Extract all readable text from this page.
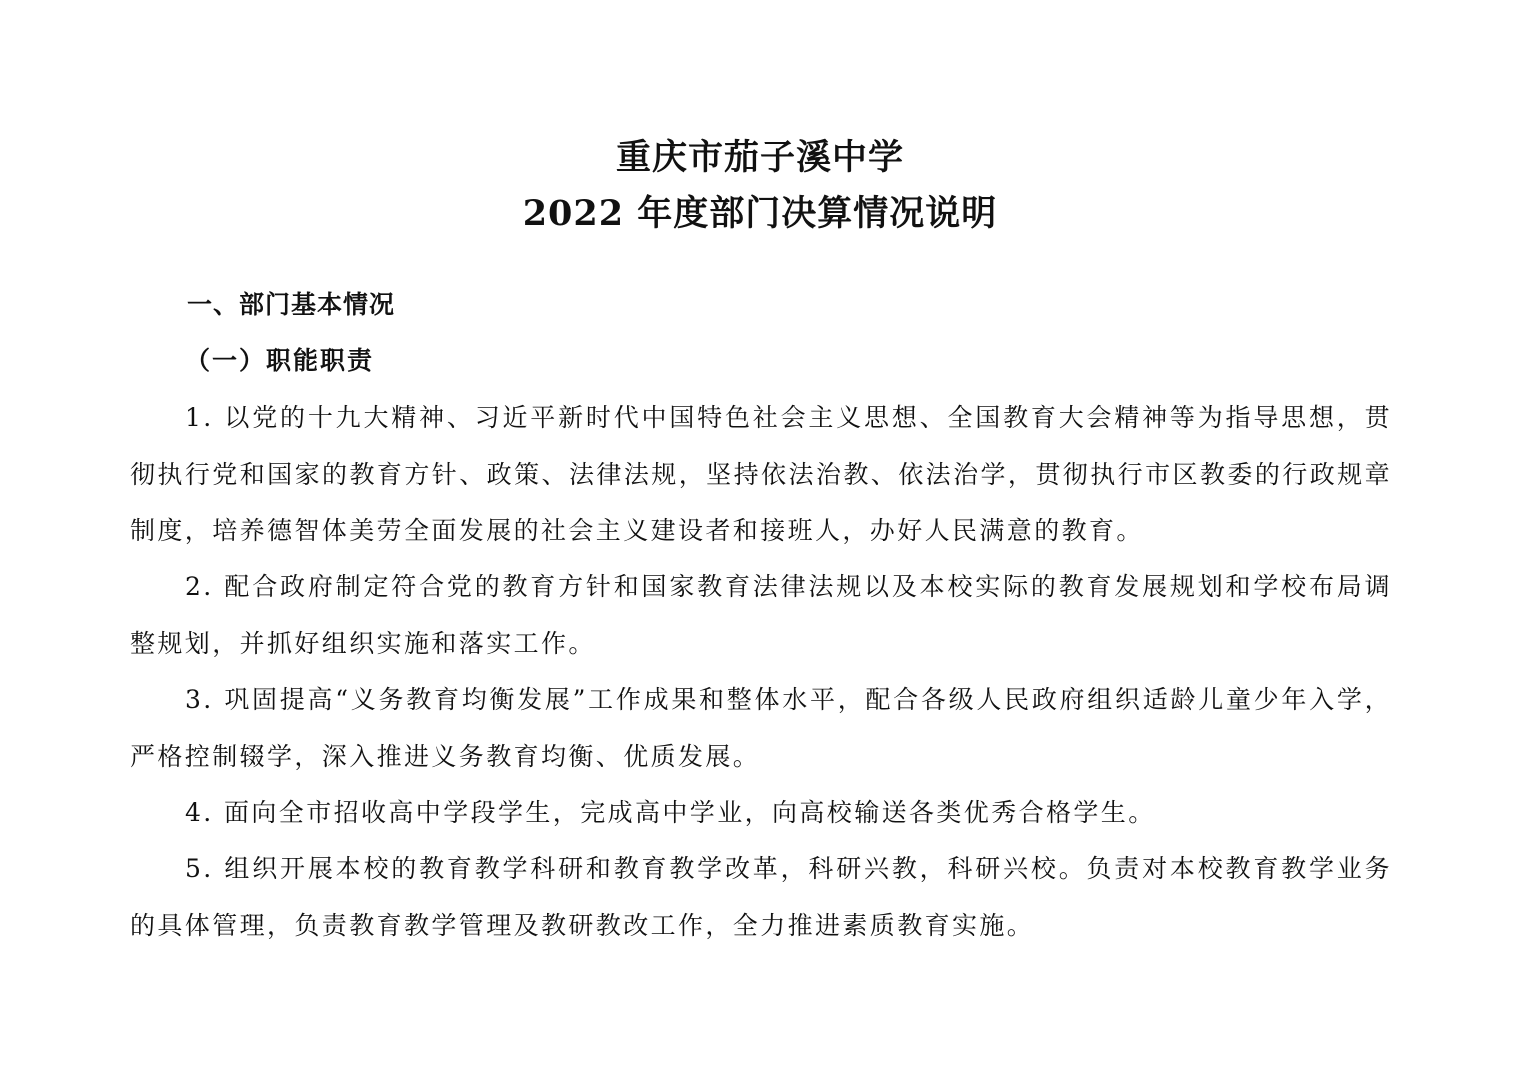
重庆市茄子溪中学
2022 年度部门决算情况说明
一、部门基本情况
（一）职能职责
1. 以党的十九大精神、习近平新时代中国特色社会主义思想、全国教育大会精神等为指导思想，贯彻执行党和国家的教育方针、政策、法律法规，坚持依法治教、依法治学，贯彻执行市区教委的行政规章制度，培养德智体美劳全面发展的社会主义建设者和接班人，办好人民满意的教育。
2. 配合政府制定符合党的教育方针和国家教育法律法规以及本校实际的教育发展规划和学校布局调整规划，并抓好组织实施和落实工作。
3. 巩固提高“义务教育均衡发展”工作成果和整体水平，配合各级人民政府组织适龄儿童少年入学，严格控制辍学，深入推进义务教育均衡、优质发展。
4. 面向全市招收高中学段学生，完成高中学业，向高校输送各类优秀合格学生。
5. 组织开展本校的教育教学科研和教育教学改革，科研兴教，科研兴校。负责对本校教育教学业务的具体管理，负责教育教学管理及教研教改工作，全力推进素质教育实施。
